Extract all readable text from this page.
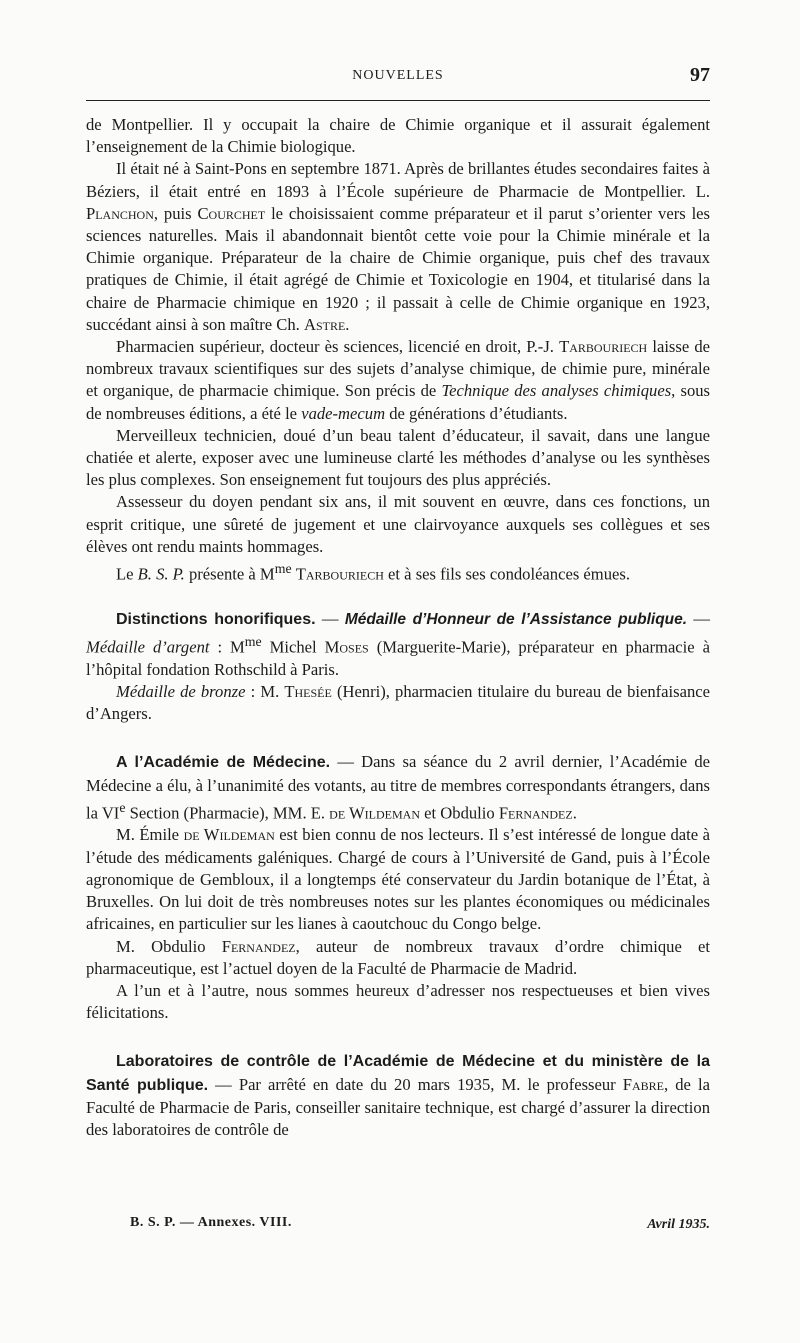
NOUVELLES	97

de Montpellier. Il y occupait la chaire de Chimie organique et il assurait également l’enseignement de la Chimie biologique.

Il était né à Saint-Pons en septembre 1871. Après de brillantes études secondaires faites à Béziers, il était entré en 1893 à l’École supérieure de Pharmacie de Montpellier. L. Planchon, puis Courchet le choisissaient comme préparateur et il parut s’orienter vers les sciences naturelles. Mais il abandonnait bientôt cette voie pour la Chimie minérale et la Chimie organique. Préparateur de la chaire de Chimie organique, puis chef des travaux pratiques de Chimie, il était agrégé de Chimie et Toxicologie en 1904, et titularisé dans la chaire de Pharmacie chimique en 1920 ; il passait à celle de Chimie organique en 1923, succédant ainsi à son maître Ch. Astre.

Pharmacien supérieur, docteur ès sciences, licencié en droit, P.-J. Tarbouriech laisse de nombreux travaux scientifiques sur des sujets d’analyse chimique, de chimie pure, minérale et organique, de pharmacie chimique. Son précis de Technique des analyses chimiques, sous de nombreuses éditions, a été le vade-mecum de générations d’étudiants.

Merveilleux technicien, doué d’un beau talent d’éducateur, il savait, dans une langue chatiée et alerte, exposer avec une lumineuse clarté les méthodes d’analyse ou les synthèses les plus complexes. Son enseignement fut toujours des plus appréciés.

Assesseur du doyen pendant six ans, il mit souvent en œuvre, dans ces fonctions, un esprit critique, une sûreté de jugement et une clairvoyance auxquels ses collègues et ses élèves ont rendu maints hommages.

Le B. S. P. présente à $M^{me}$ Tarbouriech et à ses fils ses condoléances émues.

Distinctions honorifiques. — Médaille d’Honneur de l’Assistance publique. — Médaille d’argent : $M^{me}$ Michel Moses (Marguerite-Marie), préparateur en pharmacie à l’hôpital fondation Rothschild à Paris.

Médaille de bronze : M. Thesée (Henri), pharmacien titulaire du bureau de bienfaisance d’Angers.

A l’Académie de Médecine. — Dans sa séance du 2 avril dernier, l’Académie de Médecine a élu, à l’unanimité des votants, au titre de membres correspondants étrangers, dans la VIe Section (Pharmacie), MM. E. de Wildeman et Obdulio Fernandez.

M. Émile de Wildeman est bien connu de nos lecteurs. Il s’est intéressé de longue date à l’étude des médicaments galéniques. Chargé de cours à l’Université de Gand, puis à l’École agronomique de Gembloux, il a longtemps été conservateur du Jardin botanique de l’État, à Bruxelles. On lui doit de très nombreuses notes sur les plantes économiques ou médicinales africaines, en particulier sur les lianes à caoutchouc du Congo belge.

M. Obdulio Fernandez, auteur de nombreux travaux d’ordre chimique et pharmaceutique, est l’actuel doyen de la Faculté de Pharmacie de Madrid.

A l’un et à l’autre, nous sommes heureux d’adresser nos respectueuses et bien vives félicitations.

Laboratoires de contrôle de l’Académie de Médecine et du ministère de la Santé publique. — Par arrêté en date du 20 mars 1935, M. le professeur Fabre, de la Faculté de Pharmacie de Paris, conseiller sanitaire technique, est chargé d’assurer la direction des laboratoires de contrôle de

B. S. P. — Annexes. VIII.	Avril 1935.
